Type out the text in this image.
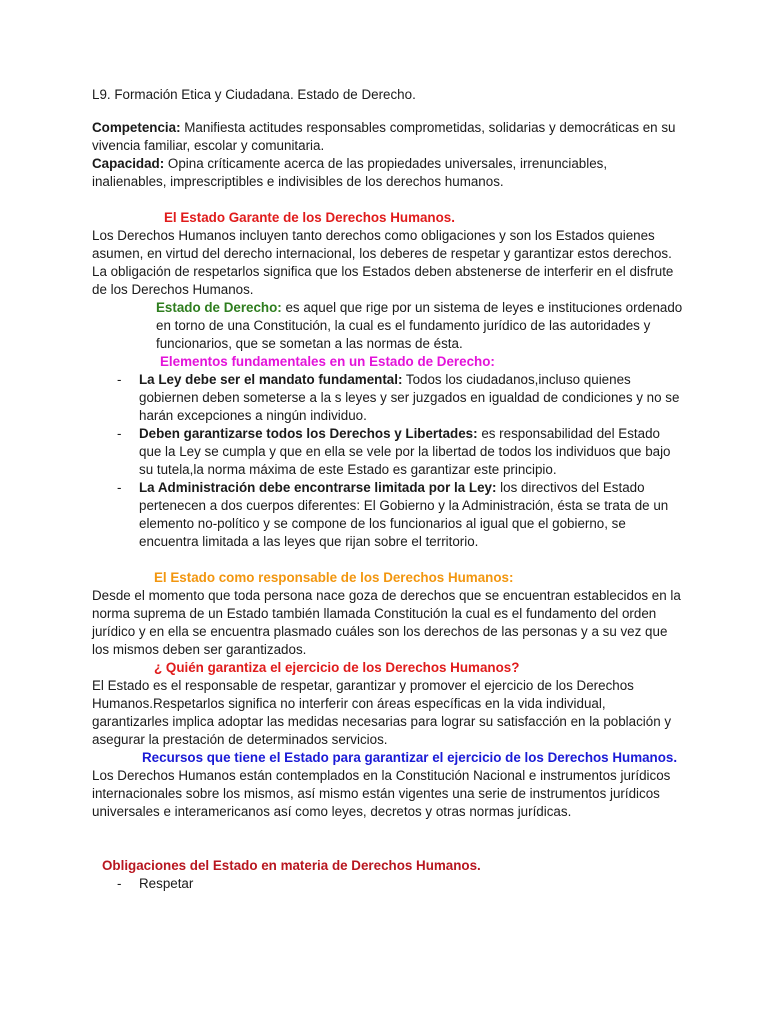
L9. Formación Etica y Ciudadana. Estado de Derecho.

Competencia: Manifiesta actitudes responsables comprometidas, solidarias y democráticas en su vivencia familiar, escolar y comunitaria.

Capacidad: Opina críticamente acerca de las propiedades universales, irrenunciables, inalienables, imprescriptibles e indivisibles de los derechos humanos.

El Estado Garante de los Derechos Humanos.

Los Derechos Humanos incluyen tanto derechos como obligaciones y son los Estados quienes asumen, en virtud del derecho internacional, los deberes de respetar y garantizar estos derechos. La obligación de respetarlos significa que los Estados deben abstenerse de interferir en el disfrute de los Derechos Humanos.

Estado de Derecho: es aquel que rige por un sistema de leyes e instituciones ordenado en torno de una Constitución, la cual es el fundamento jurídico de las autoridades y funcionarios, que se sometan a las normas de ésta.

Elementos fundamentales en un Estado de Derecho:

- La Ley debe ser el mandato fundamental: Todos los ciudadanos,incluso quienes gobiernen deben someterse a la s leyes y ser juzgados en igualdad de condiciones y no se harán excepciones a ningún individuo.
- Deben garantizarse todos los Derechos y Libertades: es responsabilidad del Estado que la Ley se cumpla y que en ella se vele por la libertad de todos los individuos que bajo su tutela,la norma máxima de este Estado es garantizar este principio.
- La Administración debe encontrarse limitada por la Ley: los directivos del Estado pertenecen a dos cuerpos diferentes: El Gobierno y la Administración, ésta se trata de un elemento no-político y se compone de los funcionarios al igual que el gobierno, se encuentra limitada a las leyes que rijan sobre el territorio.

El Estado como responsable de los Derechos Humanos:

Desde el momento que toda persona nace goza de derechos que se encuentran establecidos en la norma suprema de un Estado también llamada Constitución la cual es el fundamento del orden jurídico y en ella se encuentra plasmado cuáles son los derechos de las personas y a su vez que los mismos deben ser garantizados.

¿ Quién garantiza el ejercicio de los Derechos Humanos?

El Estado es el responsable de respetar, garantizar y promover el ejercicio de los Derechos Humanos.Respetarlos significa no interferir con áreas específicas en la vida individual, garantizarles implica adoptar las medidas necesarias para lograr su satisfacción en la población y asegurar la prestación de determinados servicios.

Recursos que tiene el Estado para garantizar el ejercicio de los Derechos Humanos.

Los Derechos Humanos están contemplados en la Constitución Nacional e instrumentos jurídicos internacionales sobre los mismos, así mismo están vigentes una serie de instrumentos jurídicos universales e interamericanos así como leyes, decretos y otras normas jurídicas.

Obligaciones del Estado en materia de Derechos Humanos.

- Respetar
